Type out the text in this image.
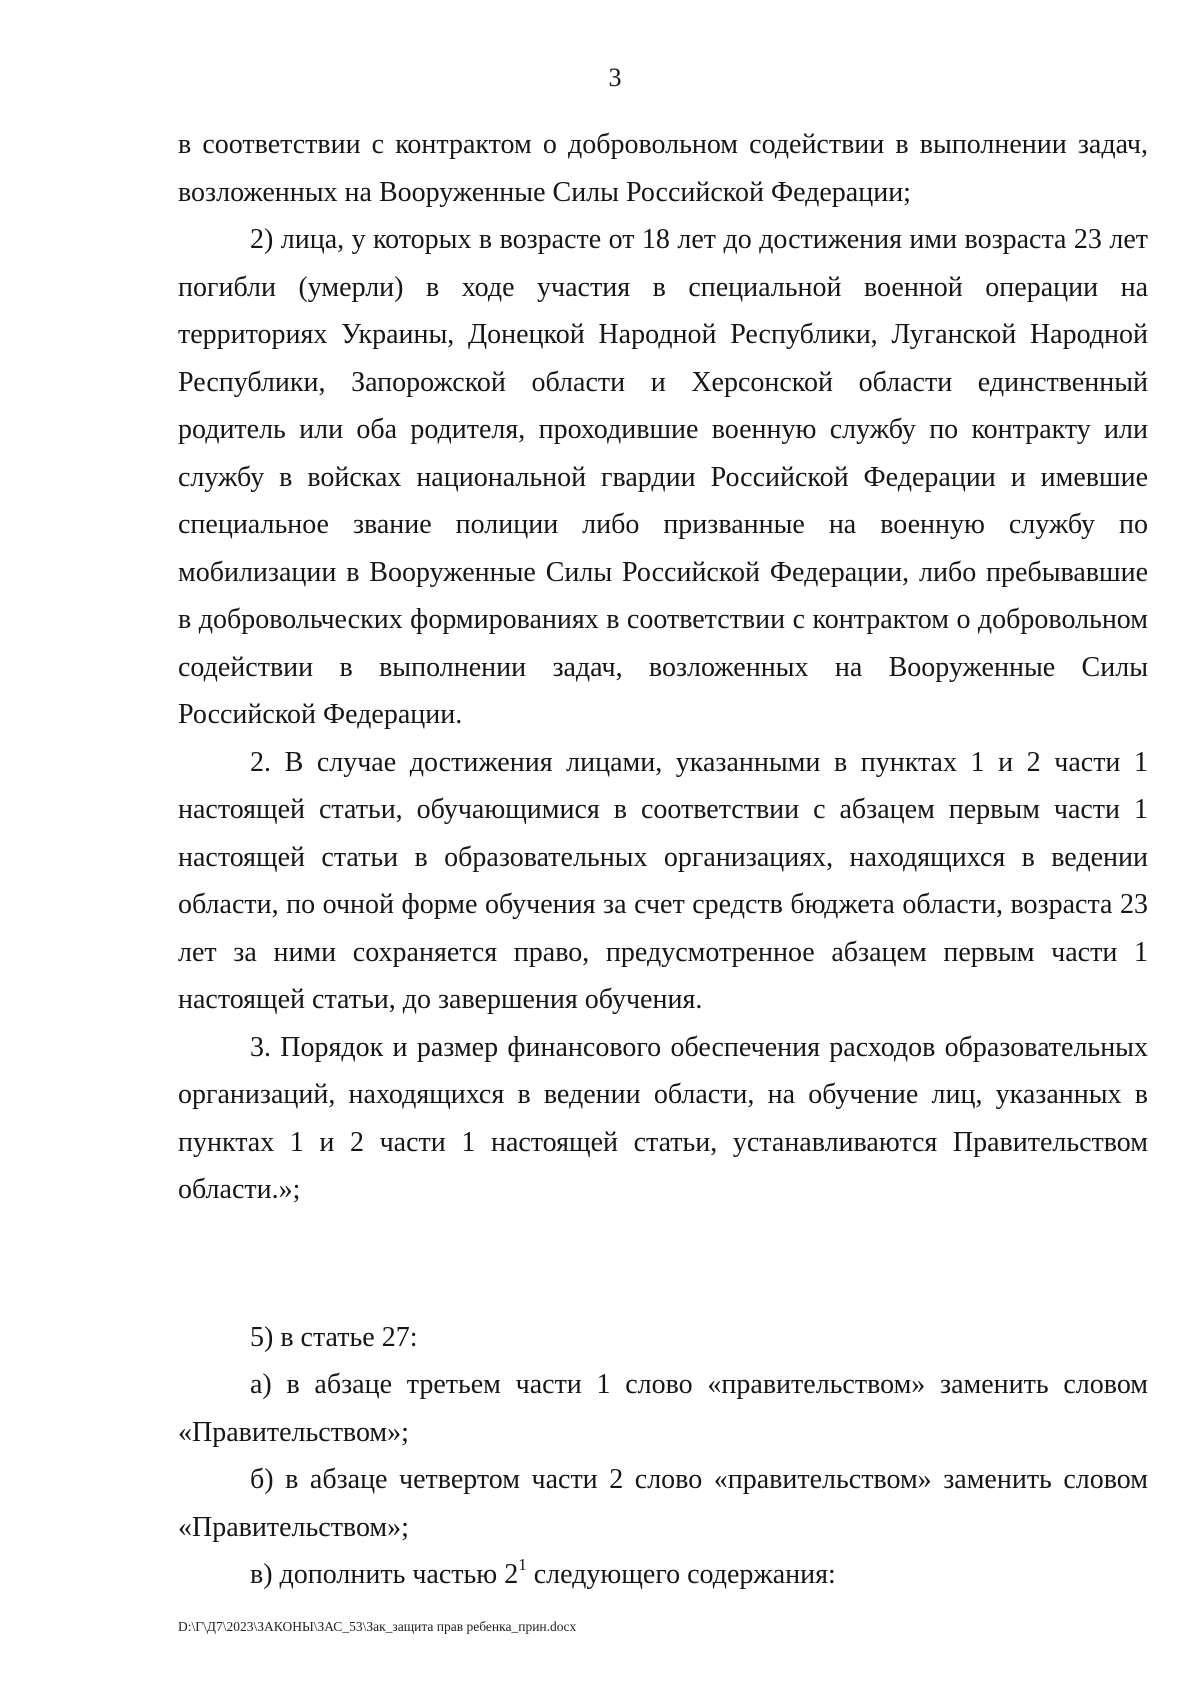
3

в соответствии с контрактом о добровольном содействии в выполнении задач, возложенных на Вооруженные Силы Российской Федерации;

2) лица, у которых в возрасте от 18 лет до достижения ими возраста 23 лет погибли (умерли) в ходе участия в специальной военной операции на территориях Украины, Донецкой Народной Республики, Луганской Народной Республики, Запорожской области и Херсонской области единственный родитель или оба родителя, проходившие военную службу по контракту или службу в войсках национальной гвардии Российской Федерации и имевшие специальное звание полиции либо призванные на военную службу по мобилизации в Вооруженные Силы Российской Федерации, либо пребывавшие в добровольческих формированиях в соответствии с контрактом о добровольном содействии в выполнении задач, возложенных на Вооруженные Силы Российской Федерации.

2. В случае достижения лицами, указанными в пунктах 1 и 2 части 1 настоящей статьи, обучающимися в соответствии с абзацем первым части 1 настоящей статьи в образовательных организациях, находящихся в ведении области, по очной форме обучения за счет средств бюджета области, возраста 23 лет за ними сохраняется право, предусмотренное абзацем первым части 1 настоящей статьи, до завершения обучения.

3. Порядок и размер финансового обеспечения расходов образовательных организаций, находящихся в ведении области, на обучение лиц, указанных в пунктах 1 и 2 части 1 настоящей статьи, устанавливаются Правительством области.»;

5) в статье 27:

а) в абзаце третьем части 1 слово «правительством» заменить словом «Правительством»;

б) в абзаце четвертом части 2 слово «правительством» заменить словом «Правительством»;

в) дополнить частью $2^1$ следующего содержания:

D:\Г\Д7\2023\ЗАКОНЫ\ЗАС_53\Зак_защита прав ребенка_прин.docx
